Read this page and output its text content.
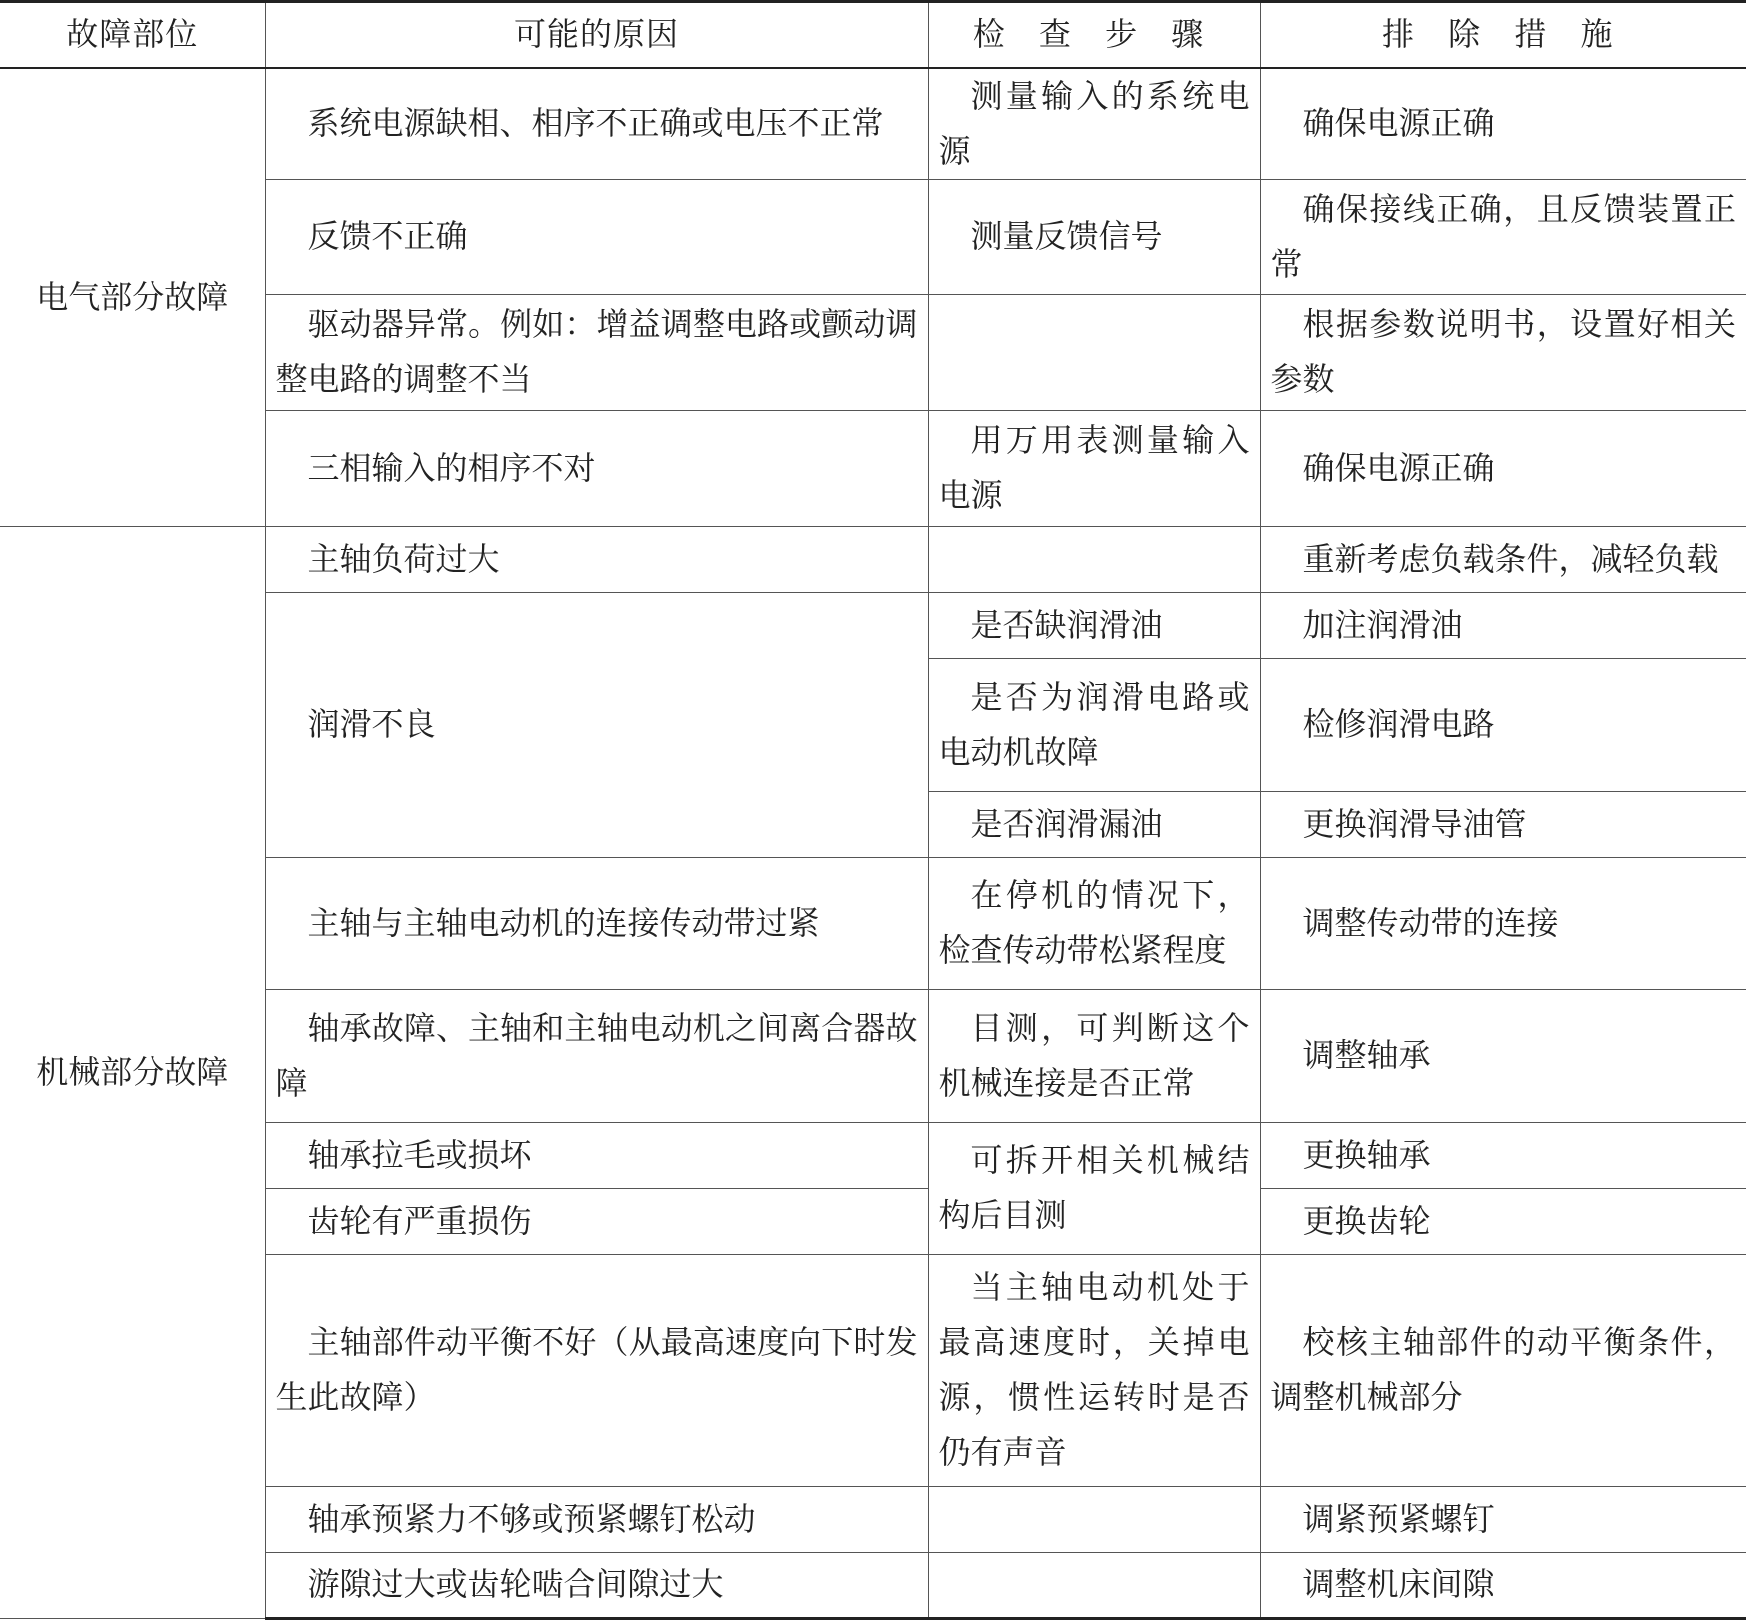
故障部位	可能的原因	检 查 步 骤	排 除 措 施
电气部分故障	系统电源缺相、相序不正确或电压不正常	测量输入的系统电源	确保电源正确
	反馈不正确	测量反馈信号	确保接线正确，且反馈装置正常
	驱动器异常。例如：增益调整电路或颤动调整电路的调整不当		根据参数说明书，设置好相关参数
	三相输入的相序不对	用万用表测量输入电源	确保电源正确
机械部分故障	主轴负荷过大		重新考虑负载条件，减轻负载
	润滑不良	是否缺润滑油	加注润滑油
		是否为润滑电路或电动机故障	检修润滑电路
		是否润滑漏油	更换润滑导油管
	主轴与主轴电动机的连接传动带过紧	在停机的情况下，检查传动带松紧程度	调整传动带的连接
	轴承故障、主轴和主轴电动机之间离合器故障	目测，可判断这个机械连接是否正常	调整轴承
	轴承拉毛或损坏	可拆开相关机械结构后目测	更换轴承
	齿轮有严重损伤		更换齿轮
	主轴部件动平衡不好（从最高速度向下时发生此故障）	当主轴电动机处于最高速度时，关掉电源，惯性运转时是否仍有声音	校核主轴部件的动平衡条件，调整机械部分
	轴承预紧力不够或预紧螺钉松动		调紧预紧螺钉
	游隙过大或齿轮啮合间隙过大		调整机床间隙
